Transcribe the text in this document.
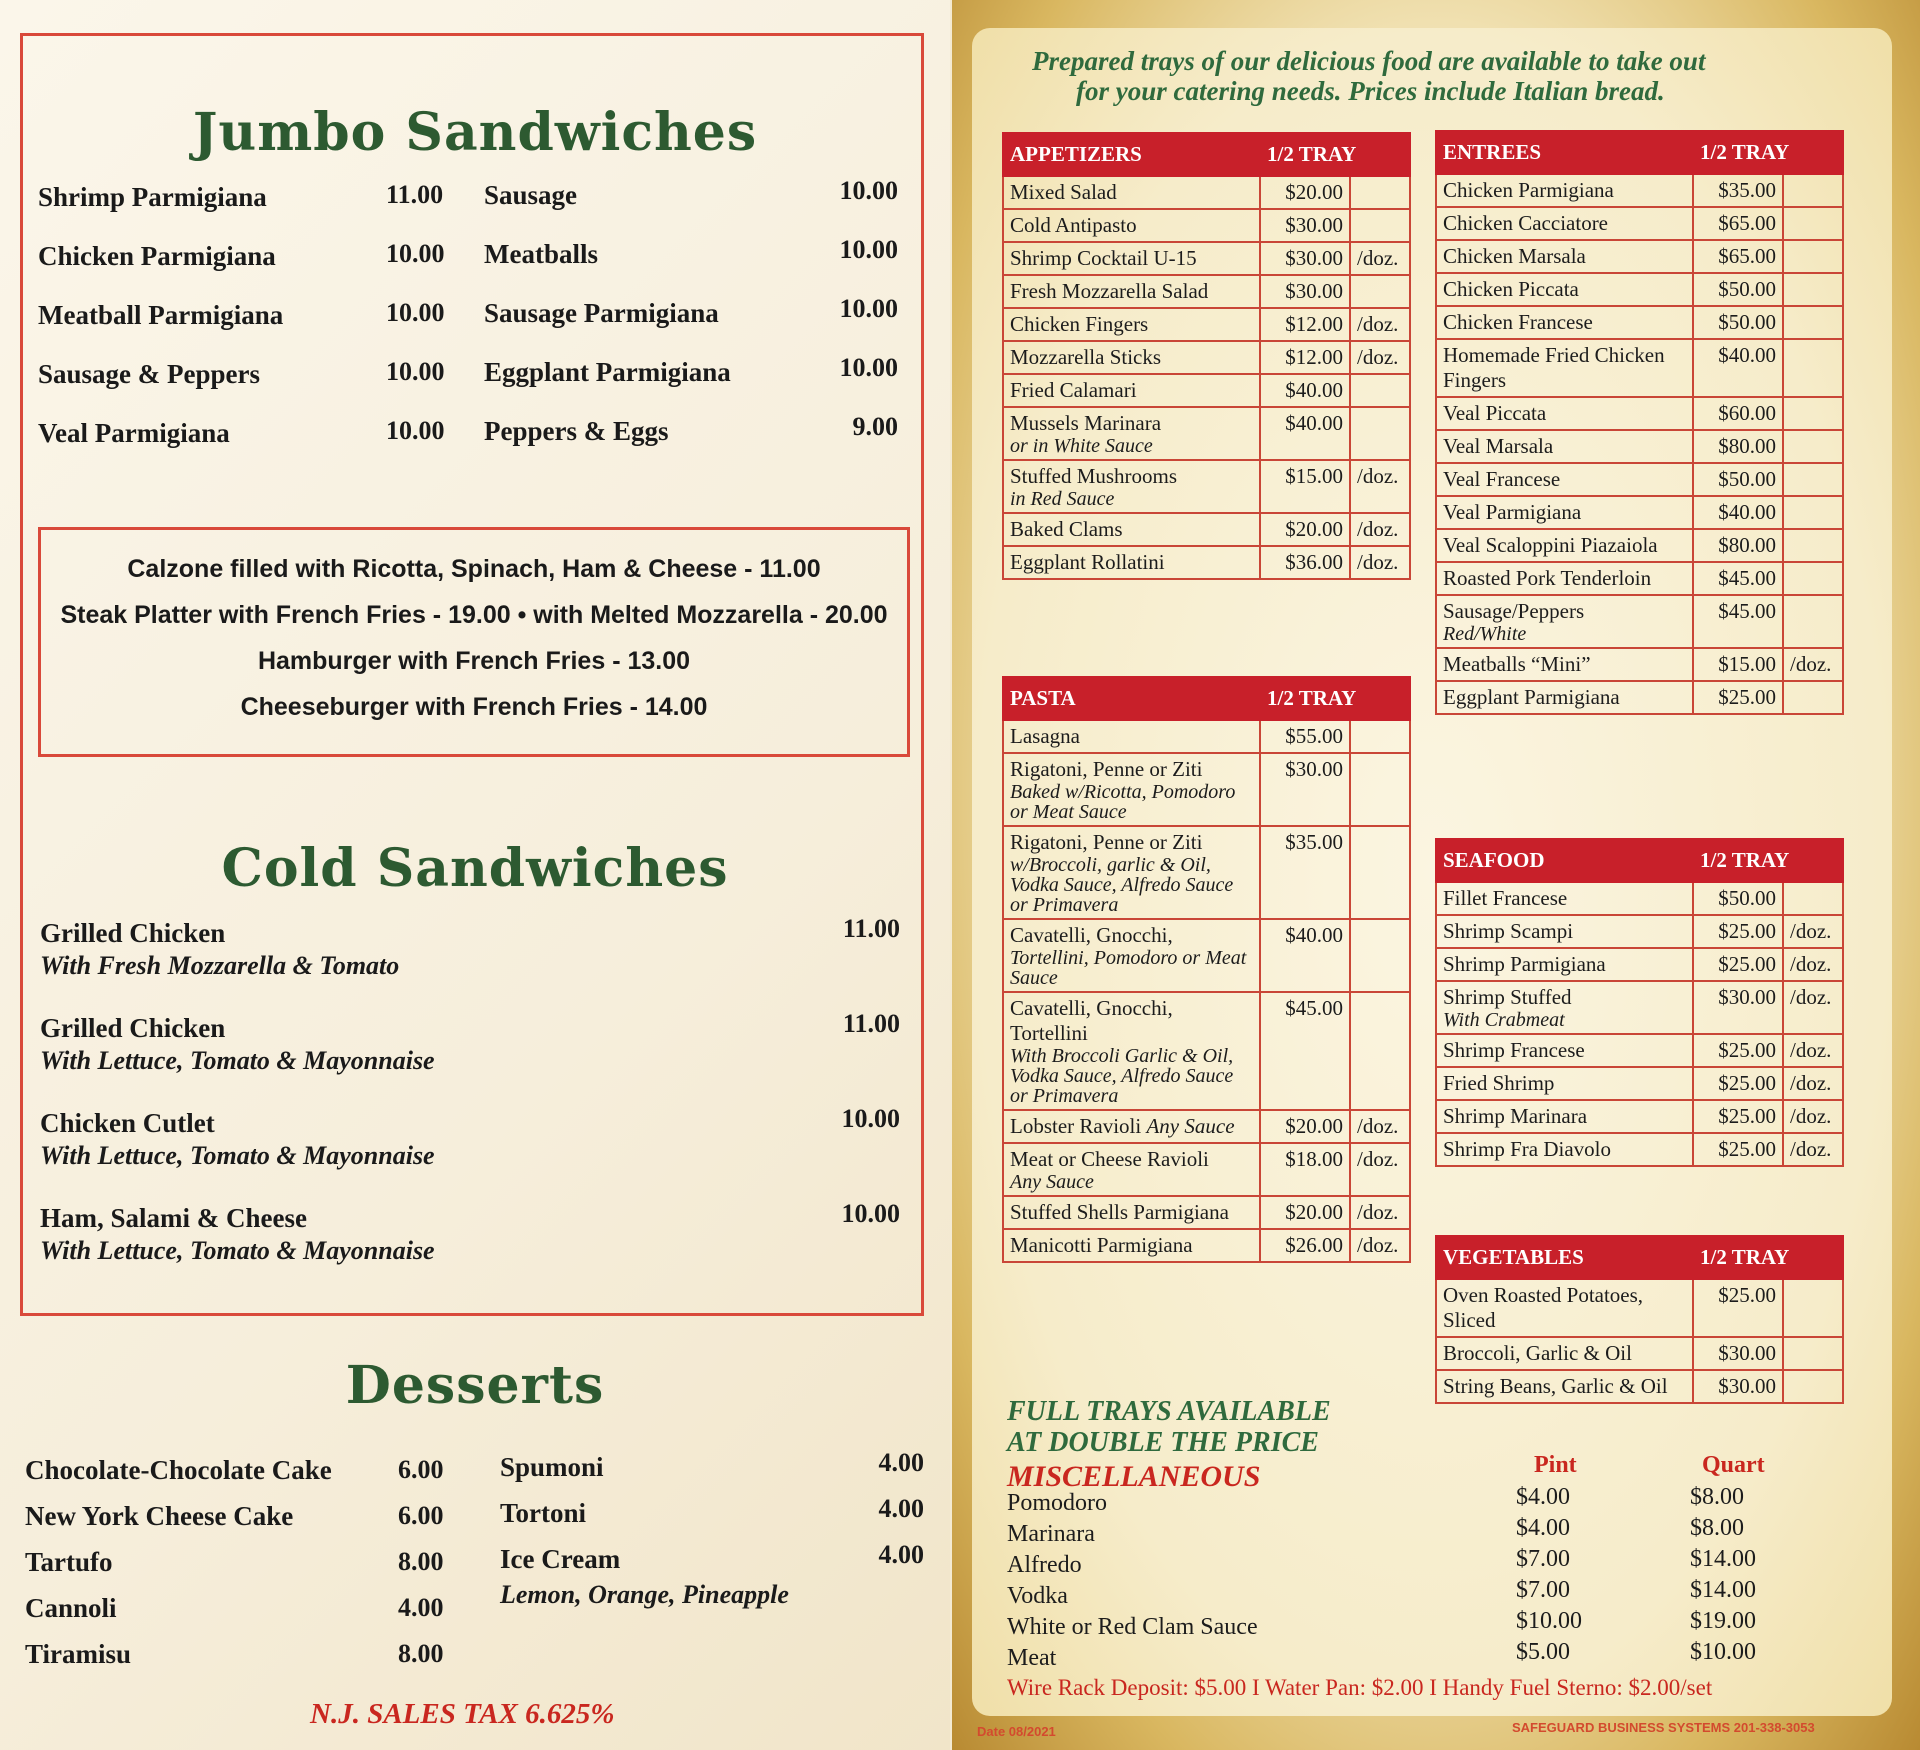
Jumbo Sandwiches
Shrimp Parmigiana	11.00
Chicken Parmigiana	10.00
Meatball Parmigiana	10.00
Sausage & Peppers	10.00
Veal Parmigiana	10.00
Sausage	10.00
Meatballs	10.00
Sausage Parmigiana	10.00
Eggplant Parmigiana	10.00
Peppers & Eggs	9.00
Calzone filled with Ricotta, Spinach, Ham & Cheese - 11.00
Steak Platter with French Fries - 19.00 • with Melted Mozzarella - 20.00
Hamburger with French Fries - 13.00
Cheeseburger with French Fries - 14.00
Cold Sandwiches
Grilled Chicken
With Fresh Mozzarella & Tomato
11.00
Grilled Chicken
With Lettuce, Tomato & Mayonnaise
11.00
Chicken Cutlet
With Lettuce, Tomato & Mayonnaise
10.00
Ham, Salami & Cheese
With Lettuce, Tomato & Mayonnaise
10.00
Desserts
Chocolate-Chocolate Cake	6.00
New York Cheese Cake	6.00
Tartufo	8.00
Cannoli	4.00
Tiramisu	8.00
Spumoni	4.00
Tortoni	4.00
Ice Cream	4.00
Lemon, Orange, Pineapple
N.J. SALES TAX 6.625%
Prepared trays of our delicious food are available to take out
for your catering needs. Prices include Italian bread.
APPETIZERS	1/2 TRAY	
Mixed Salad	$20.00	
Cold Antipasto	$30.00	
Shrimp Cocktail U-15	$30.00	/doz.
Fresh Mozzarella Salad	$30.00	
Chicken Fingers	$12.00	/doz.
Mozzarella Sticks	$12.00	/doz.
Fried Calamari	$40.00	
Mussels Marinara
or in White Sauce	$40.00	
Stuffed Mushrooms
in Red Sauce	$15.00	/doz.
Baked Clams	$20.00	/doz.
Eggplant Rollatini	$36.00	/doz.
PASTA	1/2 TRAY	
Lasagna	$55.00	
Rigatoni, Penne or Ziti
Baked w/Ricotta, Pomodoro or Meat Sauce	$30.00	
Rigatoni, Penne or Ziti
w/Broccoli, garlic & Oil, Vodka Sauce, Alfredo Sauce or Primavera	$35.00	
Cavatelli, Gnocchi,
Tortellini, Pomodoro or Meat Sauce	$40.00	
Cavatelli, Gnocchi, Tortellini
With Broccoli Garlic & Oil, Vodka Sauce, Alfredo Sauce or Primavera	$45.00	
Lobster Ravioli Any Sauce	$20.00	/doz.
Meat or Cheese Ravioli
Any Sauce	$18.00	/doz.
Stuffed Shells Parmigiana	$20.00	/doz.
Manicotti Parmigiana	$26.00	/doz.
ENTREES	1/2 TRAY	
Chicken Parmigiana	$35.00	
Chicken Cacciatore	$65.00	
Chicken Marsala	$65.00	
Chicken Piccata	$50.00	
Chicken Francese	$50.00	
Homemade Fried Chicken Fingers	$40.00	
Veal Piccata	$60.00	
Veal Marsala	$80.00	
Veal Francese	$50.00	
Veal Parmigiana	$40.00	
Veal Scaloppini Piazaiola	$80.00	
Roasted Pork Tenderloin	$45.00	
Sausage/Peppers
Red/White	$45.00	
Meatballs “Mini”	$15.00	/doz.
Eggplant Parmigiana	$25.00	
SEAFOOD	1/2 TRAY	
Fillet Francese	$50.00	
Shrimp Scampi	$25.00	/doz.
Shrimp Parmigiana	$25.00	/doz.
Shrimp Stuffed
With Crabmeat	$30.00	/doz.
Shrimp Francese	$25.00	/doz.
Fried Shrimp	$25.00	/doz.
Shrimp Marinara	$25.00	/doz.
Shrimp Fra Diavolo	$25.00	/doz.
VEGETABLES	1/2 TRAY	
Oven Roasted Potatoes, Sliced	$25.00	
Broccoli, Garlic & Oil	$30.00	
String Beans, Garlic & Oil	$30.00	
FULL TRAYS AVAILABLE
AT DOUBLE THE PRICE
MISCELLANEOUS	Pint	Quart
Pomodoro	$4.00	$8.00
Marinara	$4.00	$8.00
Alfredo	$7.00	$14.00
Vodka	$7.00	$14.00
White or Red Clam Sauce	$10.00	$19.00
Meat	$5.00	$10.00
Wire Rack Deposit: $5.00 I Water Pan: $2.00 I Handy Fuel Sterno: $2.00/set
Date 08/2021	SAFEGUARD BUSINESS SYSTEMS 201-338-3053
